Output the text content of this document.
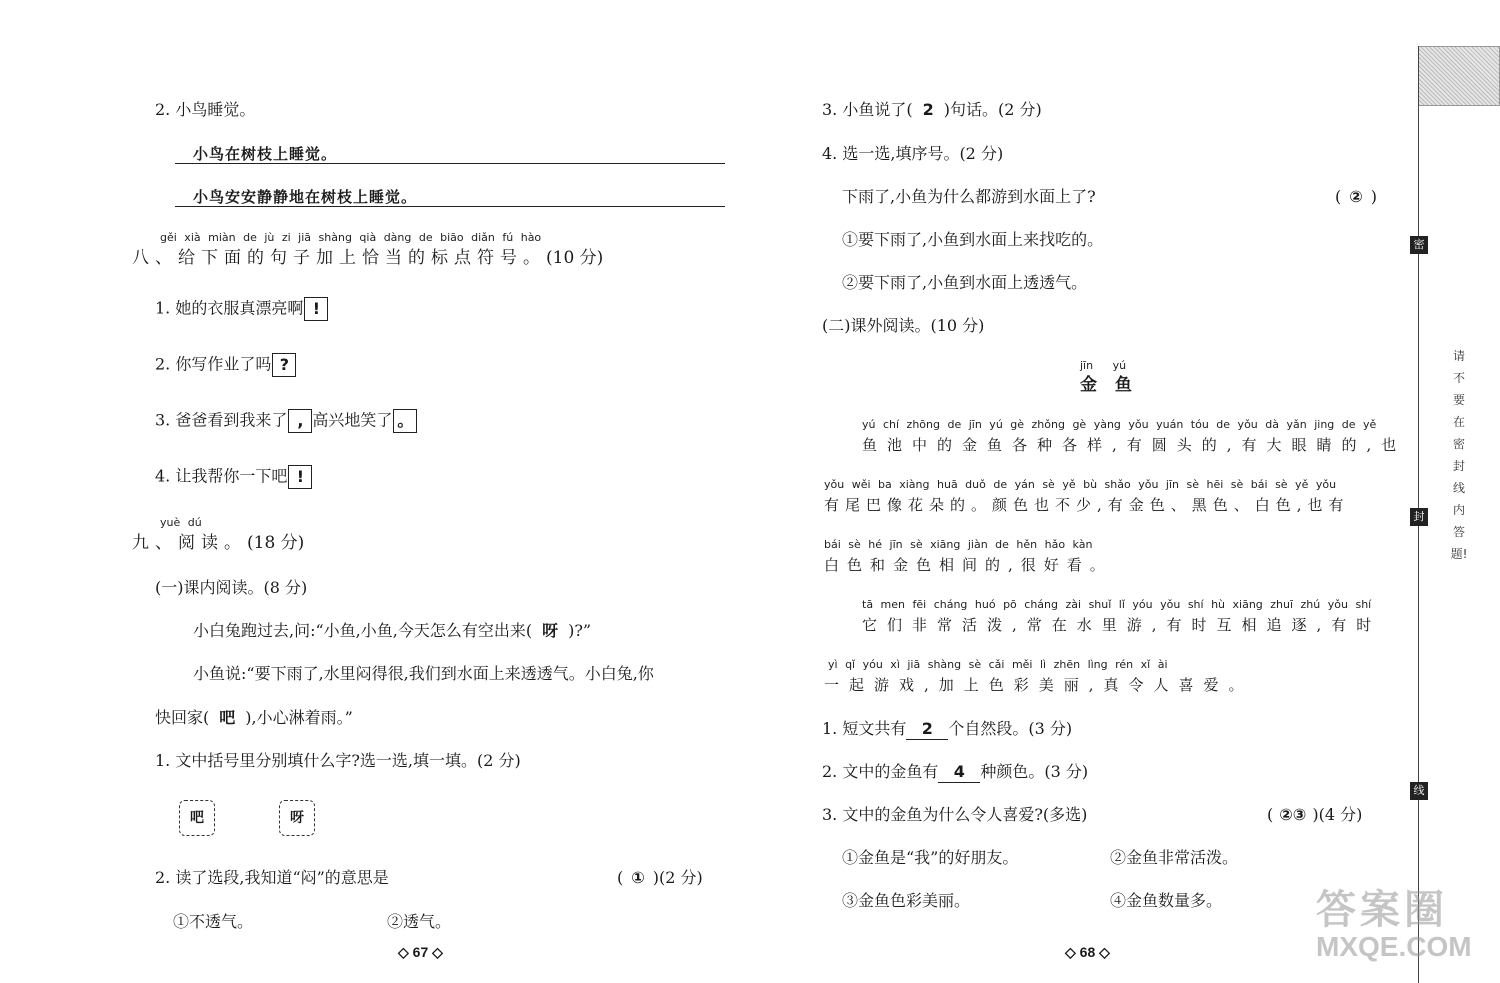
2. 小鸟睡觉。
小鸟在树枝上睡觉。
小鸟安安静静地在树枝上睡觉。
gěi xià miàn de jù zi jiā shàng qià dàng de biāo diǎn fú hào
八、给下面的句子加上恰当的标点符号。(10 分)
1. 她的衣服真漂亮啊 !
2. 你写作业了吗 ?
3. 爸爸看到我来了 , 高兴地笑了 。
4. 让我帮你一下吧 !
yuè dú
九、阅读。(18 分)
(一)课内阅读。(8 分)
小白兔跑过去,问:“小鱼,小鱼,今天怎么有空出来( 呀 )?”
小鱼说:“要下雨了,水里闷得很,我们到水面上来透透气。小白兔,你
快回家( 吧 ),小心淋着雨。”
1. 文中括号里分别填什么字?选一选,填一填。(2 分)
吧	呀
2. 读了选段,我知道“闷”的意思是	( ① )(2 分)
①不透气。	②透气。
◇ 67 ◇
3. 小鱼说了( 2 )句话。(2 分)
4. 选一选,填序号。(2 分)
下雨了,小鱼为什么都游到水面上了?	( ② )
①要下雨了,小鱼到水面上来找吃的。
②要下雨了,小鱼到水面上透透气。
(二)课外阅读。(10 分)
jīn yú
金 鱼
yú chí zhōng de jīn yú gè zhǒng gè yàng yǒu yuán tóu de yǒu dà yǎn jing de yě
鱼池中的金鱼各种各样,有圆头的,有大眼睛的,也
yǒu wěi ba xiàng huā duǒ de yán sè yě bù shǎo yǒu jīn sè hēi sè bái sè yě yǒu
有尾巴像花朵的。颜色也不少,有金色、黑色、白色,也有
bái sè hé jīn sè xiāng jiàn de hěn hǎo kàn
白色和金色相间的,很好看。
tā men fēi cháng huó pō cháng zài shuǐ lǐ yóu yǒu shí hù xiāng zhuī zhú yǒu shí
它们非常活泼,常在水里游,有时互相追逐,有时
yì qǐ yóu xì jiā shàng sè cǎi měi lì zhēn lìng rén xǐ ài
一起游戏,加上色彩美丽,真令人喜爱。
1. 短文共有 2 个自然段。(3 分)
2. 文中的金鱼有 4 种颜色。(3 分)
3. 文中的金鱼为什么令人喜爱?(多选)	( ②③ )(4 分)
①金鱼是“我”的好朋友。	②金鱼非常活泼。
③金鱼色彩美丽。	④金鱼数量多。
◇ 68 ◇
密
封
线
请不要在密封线内答题!
答案圈
MXQE.COM
